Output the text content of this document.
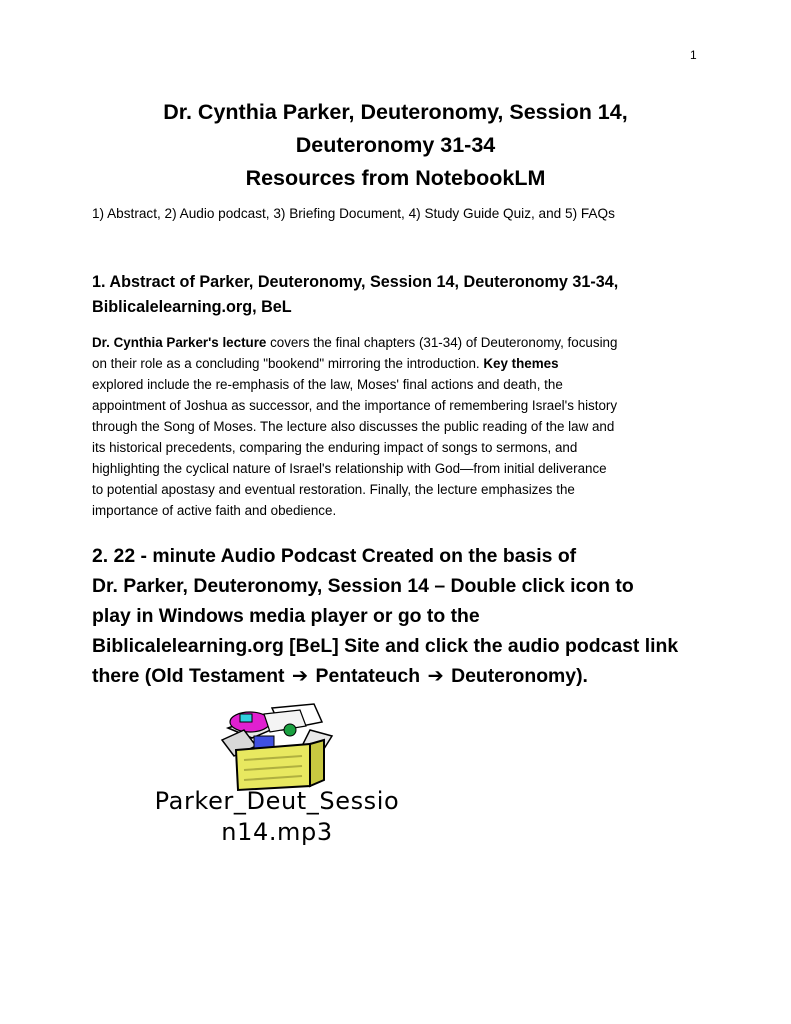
1
Dr. Cynthia Parker, Deuteronomy, Session 14,
Deuteronomy 31-34
Resources from NotebookLM
1) Abstract, 2) Audio podcast, 3) Briefing Document, 4) Study Guide Quiz, and 5) FAQs
1. Abstract of Parker, Deuteronomy, Session 14, Deuteronomy 31-34,
Biblicalelearning.org, BeL
Dr. Cynthia Parker's lecture covers the final chapters (31-34) of Deuteronomy, focusing
on their role as a concluding "bookend" mirroring the introduction. Key themes
explored include the re-emphasis of the law, Moses' final actions and death, the
appointment of Joshua as successor, and the importance of remembering Israel's history
through the Song of Moses. The lecture also discusses the public reading of the law and
its historical precedents, comparing the enduring impact of songs to sermons, and
highlighting the cyclical nature of Israel's relationship with God—from initial deliverance
to potential apostasy and eventual restoration. Finally, the lecture emphasizes the
importance of active faith and obedience.
2. 22 - minute Audio Podcast Created on the basis of
Dr. Parker, Deuteronomy, Session 14 – Double click icon to
play in Windows media player or go to the
Biblicalelearning.org [BeL] Site and click the audio podcast link
there (Old Testament ➔ Pentateuch ➔ Deuteronomy).
Parker_Deut_Sessio
n14.mp3
